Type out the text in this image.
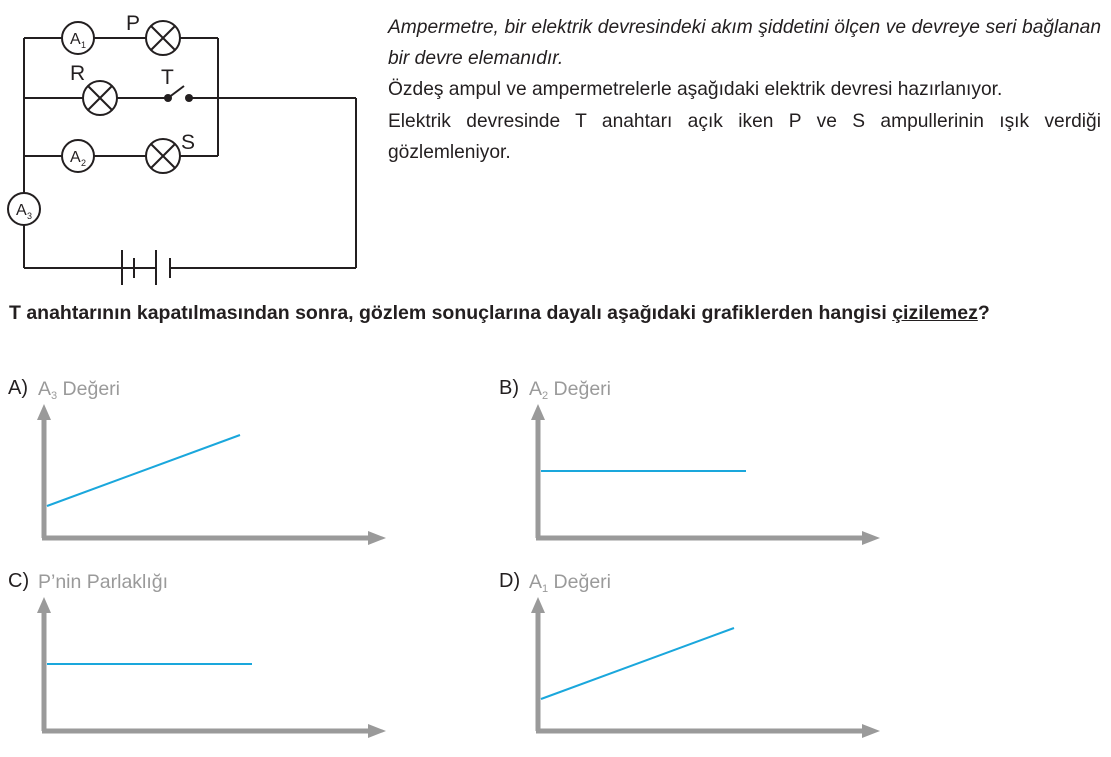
A 1
A 2
A 3
P
R
S
T

Ampermetre, bir elektrik devresindeki akım şiddetini ölçen ve devreye seri bağlanan bir devre elemanıdır.

Özdeş ampul ve ampermetrelerle aşağıdaki elektrik devresi hazırlanıyor.

Elektrik devresinde T anahtarı açık iken P ve S ampullerinin ışık verdiği gözlemleniyor.

T anahtarının kapatılmasından sonra, gözlem sonuçlarına dayalı aşağıdaki grafiklerden hangisi çizilemez?
A) $A_3$ Değeri	B) $A_2$ Değeri
C) P’nin Parlaklığı	D) $A_1$ Değeri
